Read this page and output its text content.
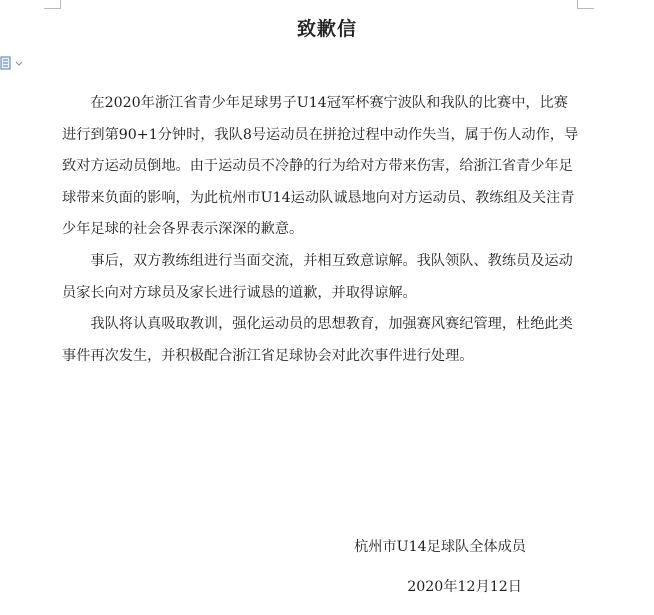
致歉信

在2020年浙江省青少年足球男子U14冠军杯赛宁波队和我队的比赛中，比赛进行到第90+1分钟时，我队8号运动员在拼抢过程中动作失当，属于伤人动作，导致对方运动员倒地。由于运动员不冷静的行为给对方带来伤害，给浙江省青少年足球带来负面的影响，为此杭州市U14运动队诚恳地向对方运动员、教练组及关注青少年足球的社会各界表示深深的歉意。

事后，双方教练组进行当面交流，并相互致意谅解。我队领队、教练员及运动员家长向对方球员及家长进行诚恳的道歉，并取得谅解。

我队将认真吸取教训，强化运动员的思想教育，加强赛风赛纪管理，杜绝此类事件再次发生，并积极配合浙江省足球协会对此次事件进行处理。

杭州市U14足球队全体成员
2020年12月12日
